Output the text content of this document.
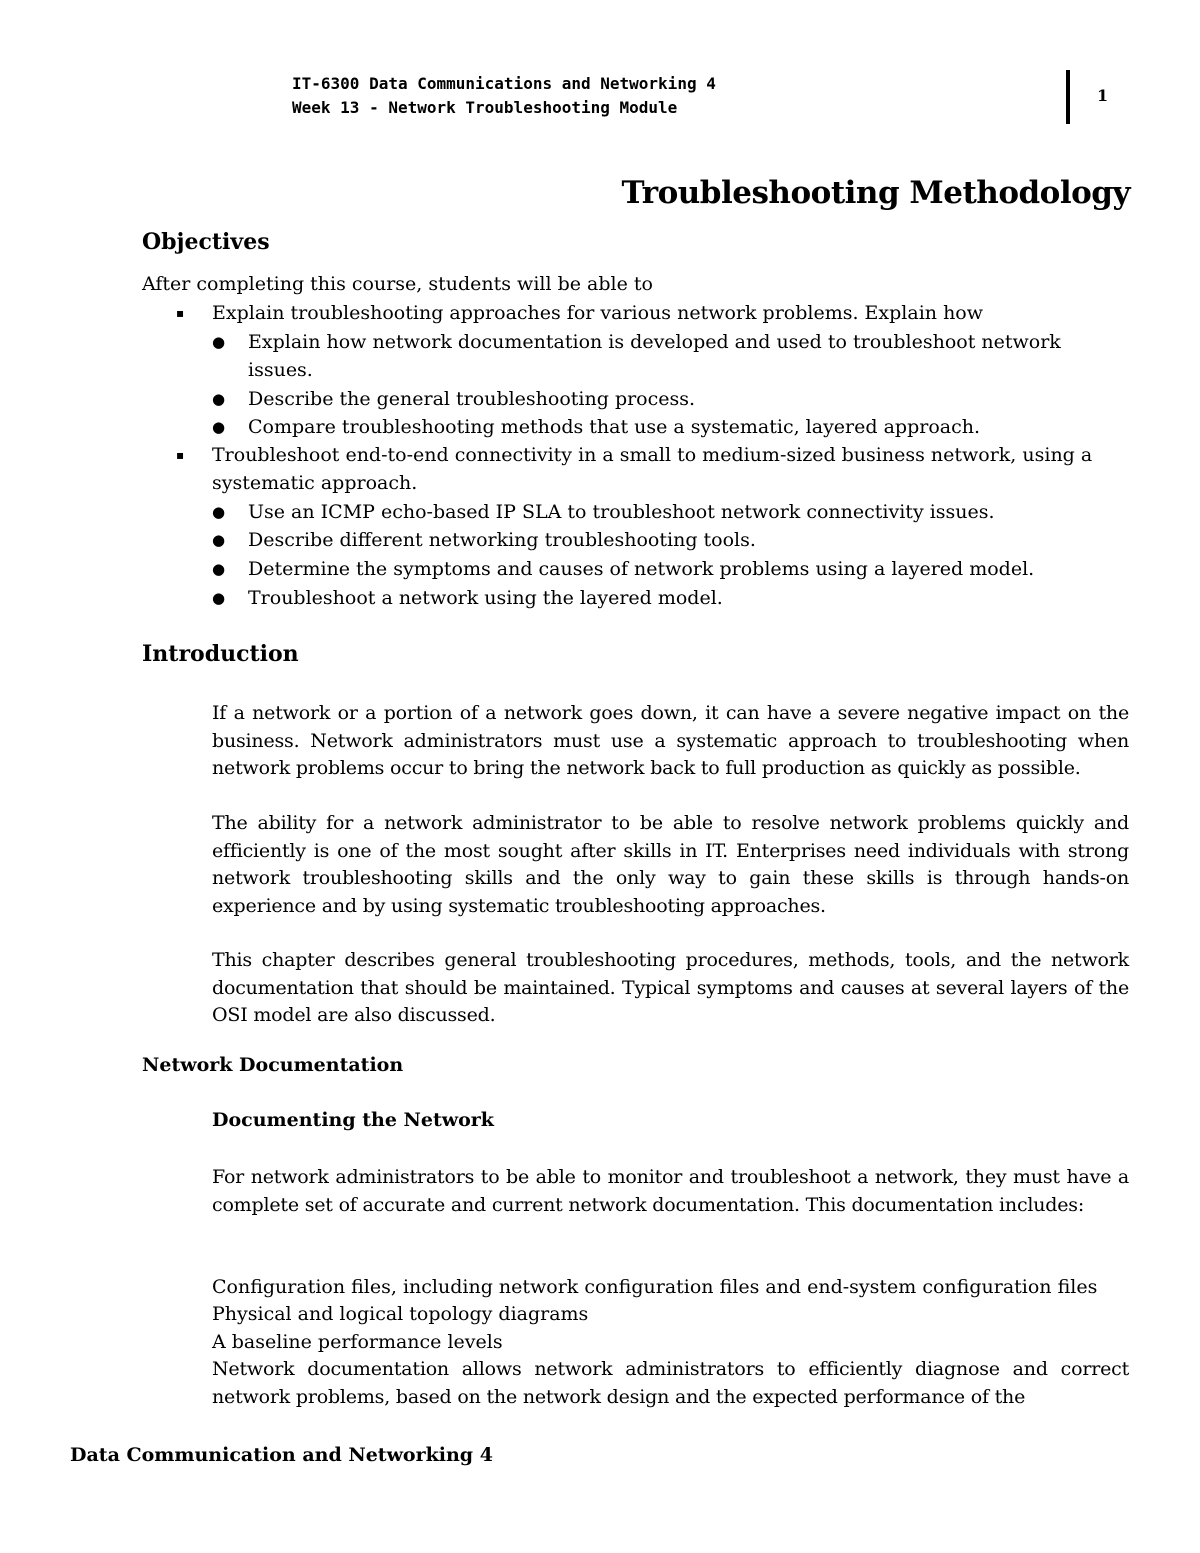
IT-6300 Data Communications and Networking 4
Week 13 - Network Troubleshooting Module
1
Troubleshooting Methodology
Objectives
After completing this course, students will be able to
▪ Explain troubleshooting approaches for various network problems. Explain how
● Explain how network documentation is developed and used to troubleshoot network issues.
● Describe the general troubleshooting process.
● Compare troubleshooting methods that use a systematic, layered approach.
▪ Troubleshoot end-to-end connectivity in a small to medium-sized business network, using a systematic approach.
● Use an ICMP echo-based IP SLA to troubleshoot network connectivity issues.
● Describe different networking troubleshooting tools.
● Determine the symptoms and causes of network problems using a layered model.
● Troubleshoot a network using the layered model.
Introduction
If a network or a portion of a network goes down, it can have a severe negative impact on the business. Network administrators must use a systematic approach to troubleshooting when network problems occur to bring the network back to full production as quickly as possible.
The ability for a network administrator to be able to resolve network problems quickly and efficiently is one of the most sought after skills in IT. Enterprises need individuals with strong network troubleshooting skills and the only way to gain these skills is through hands-on experience and by using systematic troubleshooting approaches.
This chapter describes general troubleshooting procedures, methods, tools, and the network documentation that should be maintained. Typical symptoms and causes at several layers of the OSI model are also discussed.
Network Documentation
Documenting the Network
For network administrators to be able to monitor and troubleshoot a network, they must have a complete set of accurate and current network documentation. This documentation includes:
Configuration files, including network configuration files and end-system configuration files
Physical and logical topology diagrams
A baseline performance levels
Network documentation allows network administrators to efficiently diagnose and correct network problems, based on the network design and the expected performance of the
Data Communication and Networking 4
